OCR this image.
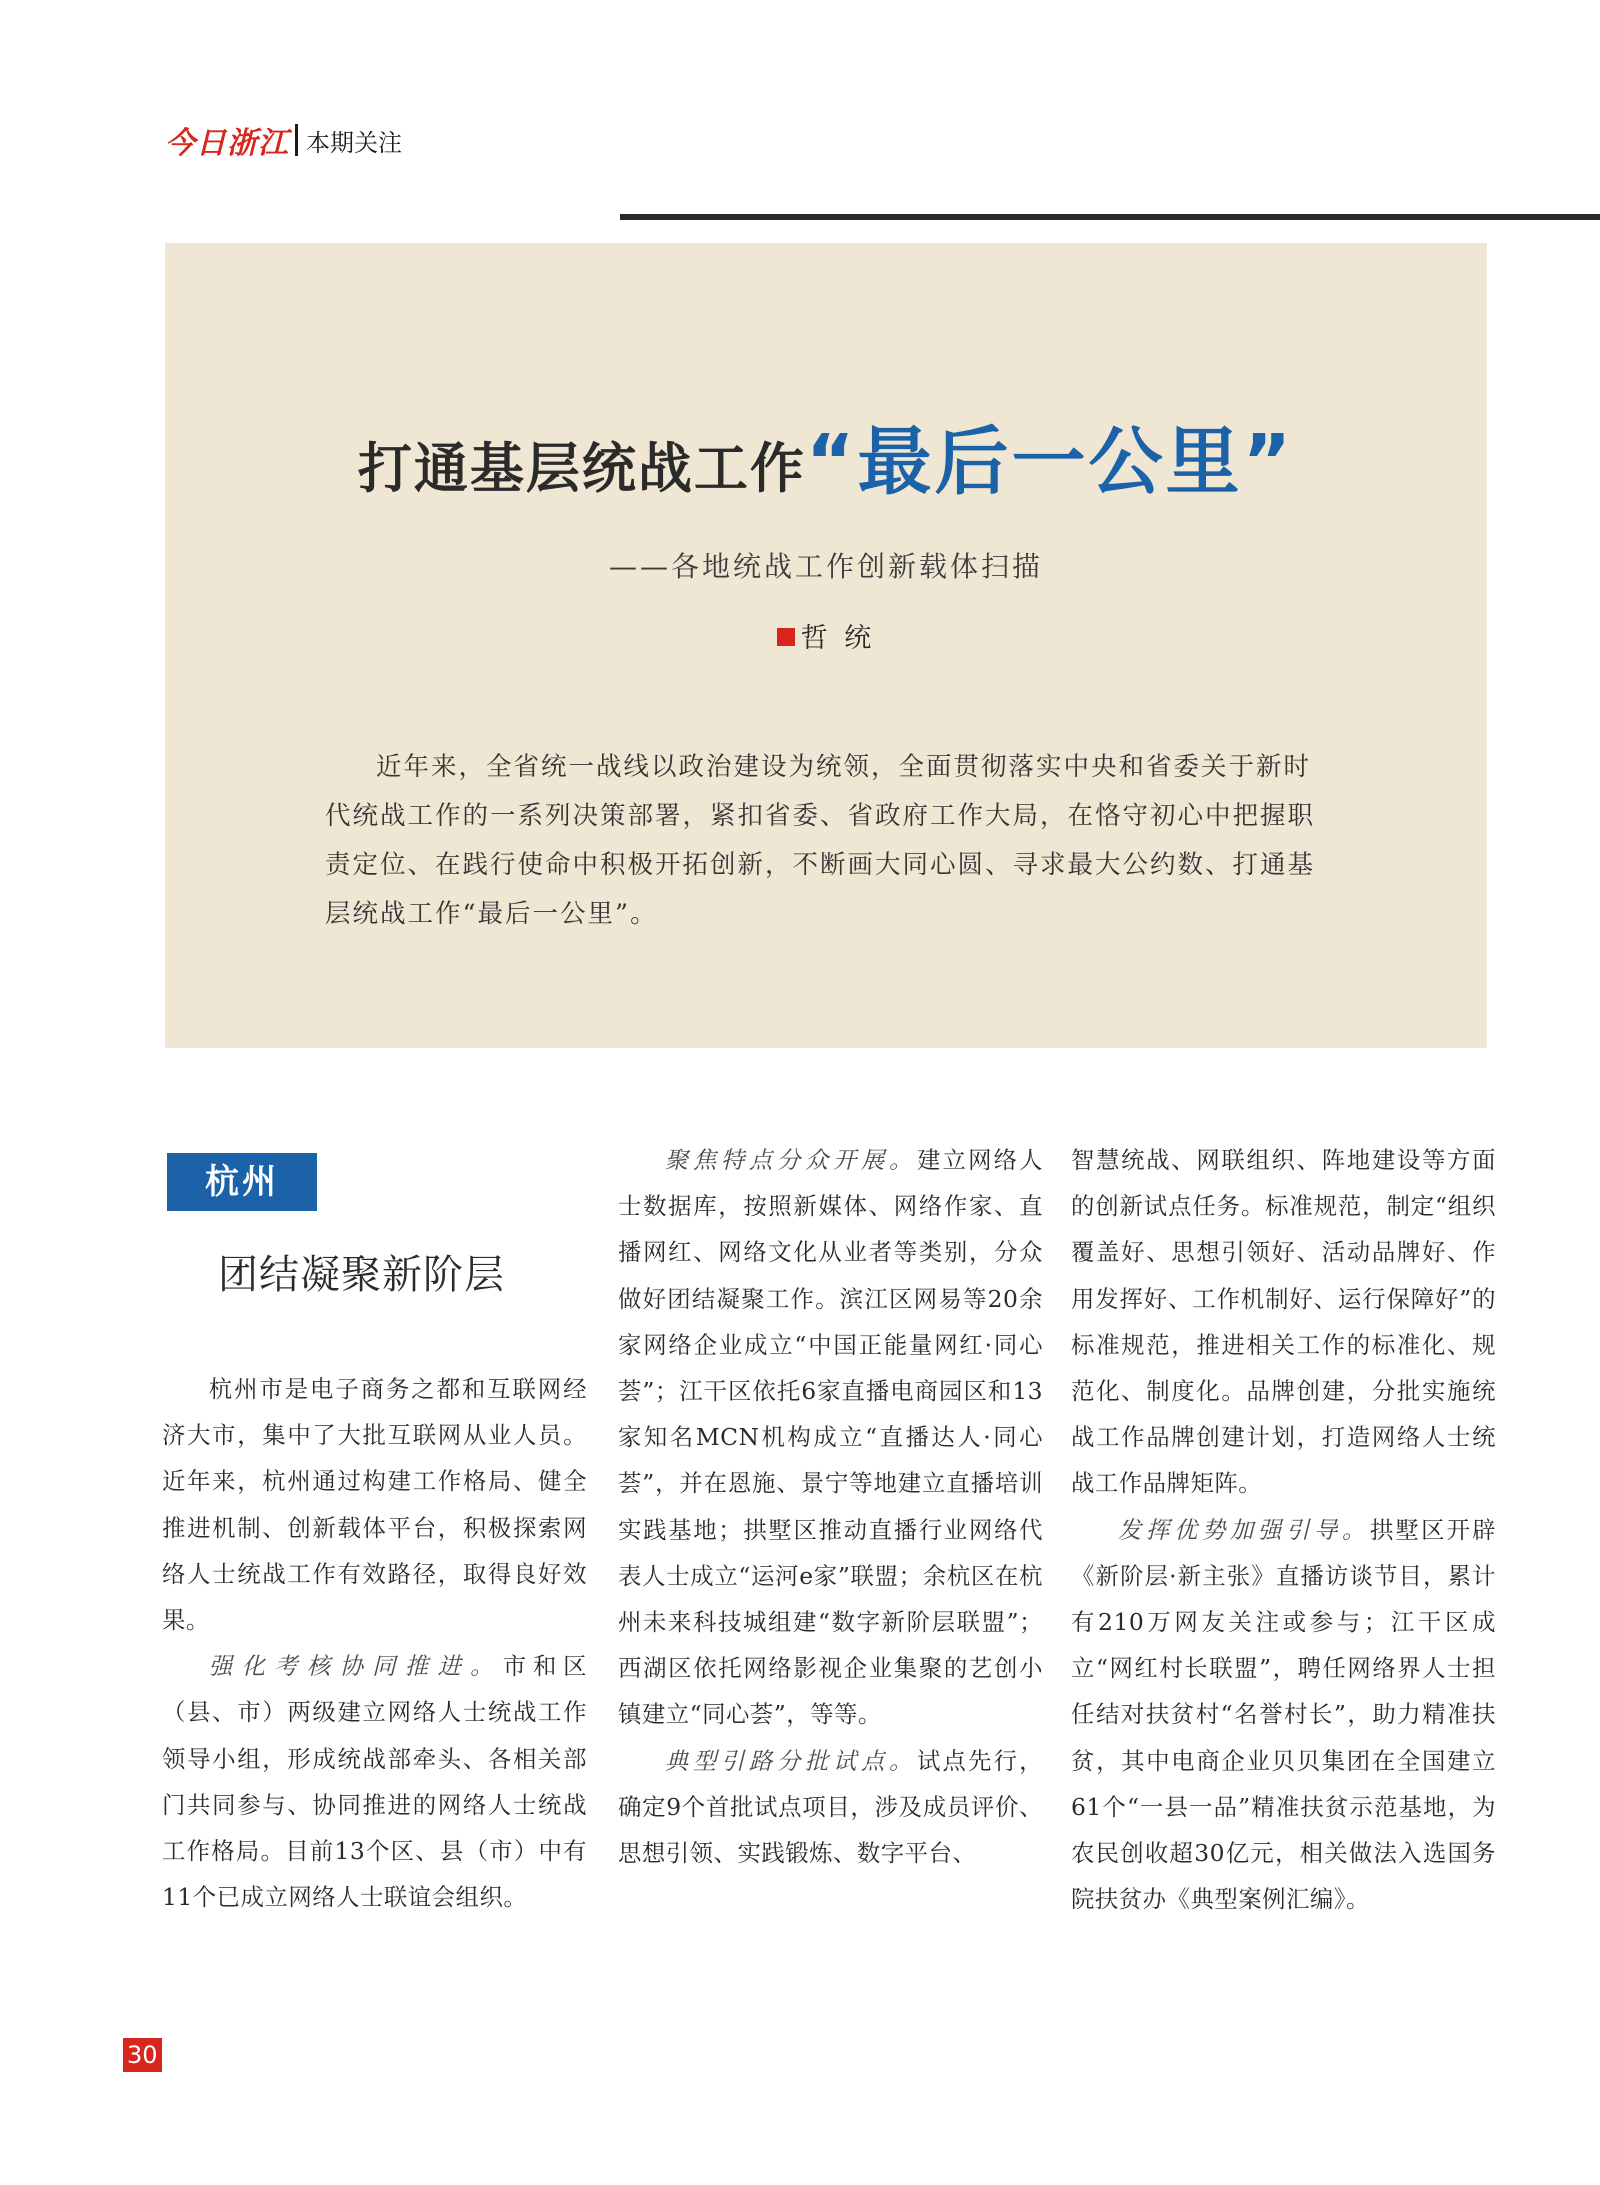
今日浙江 本期关注
打通基层统战工作“最后一公里”
——各地统战工作创新载体扫描
哲 统

近年来，全省统一战线以政治建设为统领，全面贯彻落实中央和省委关于新时代统战工作的一系列决策部署，紧扣省委、省政府工作大局，在恪守初心中把握职责定位、在践行使命中积极开拓创新，不断画大同心圆、寻求最大公约数、打通基层统战工作“最后一公里”。

杭州
团结凝聚新阶层

杭州市是电子商务之都和互联网经济大市，集中了大批互联网从业人员。近年来，杭州通过构建工作格局、健全推进机制、创新载体平台，积极探索网络人士统战工作有效路径，取得良好效果。

强化考核协同推进。市和区（县、市）两级建立网络人士统战工作领导小组，形成统战部牵头、各相关部门共同参与、协同推进的网络人士统战工作格局。目前13个区、县（市）中有11个已成立网络人士联谊会组织。

聚焦特点分众开展。建立网络人士数据库，按照新媒体、网络作家、直播网红、网络文化从业者等类别，分众做好团结凝聚工作。滨江区网易等20余家网络企业成立“中国正能量网红·同心荟”；江干区依托6家直播电商园区和13家知名MCN机构成立“直播达人·同心荟”，并在恩施、景宁等地建立直播培训实践基地；拱墅区推动直播行业网络代表人士成立“运河e家”联盟；余杭区在杭州未来科技城组建“数字新阶层联盟”；西湖区依托网络影视企业集聚的艺创小镇建立“同心荟”，等等。

典型引路分批试点。试点先行，确定9个首批试点项目，涉及成员评价、思想引领、实践锻炼、数字平台、

智慧统战、网联组织、阵地建设等方面的创新试点任务。标准规范，制定“组织覆盖好、思想引领好、活动品牌好、作用发挥好、工作机制好、运行保障好”的标准规范，推进相关工作的标准化、规范化、制度化。品牌创建，分批实施统战工作品牌创建计划，打造网络人士统战工作品牌矩阵。

发挥优势加强引导。拱墅区开辟《新阶层·新主张》直播访谈节目，累计有210万网友关注或参与；江干区成立“网红村长联盟”，聘任网络界人士担任结对扶贫村“名誉村长”，助力精准扶贫，其中电商企业贝贝集团在全国建立61个“一县一品”精准扶贫示范基地，为农民创收超30亿元，相关做法入选国务院扶贫办《典型案例汇编》。

30
